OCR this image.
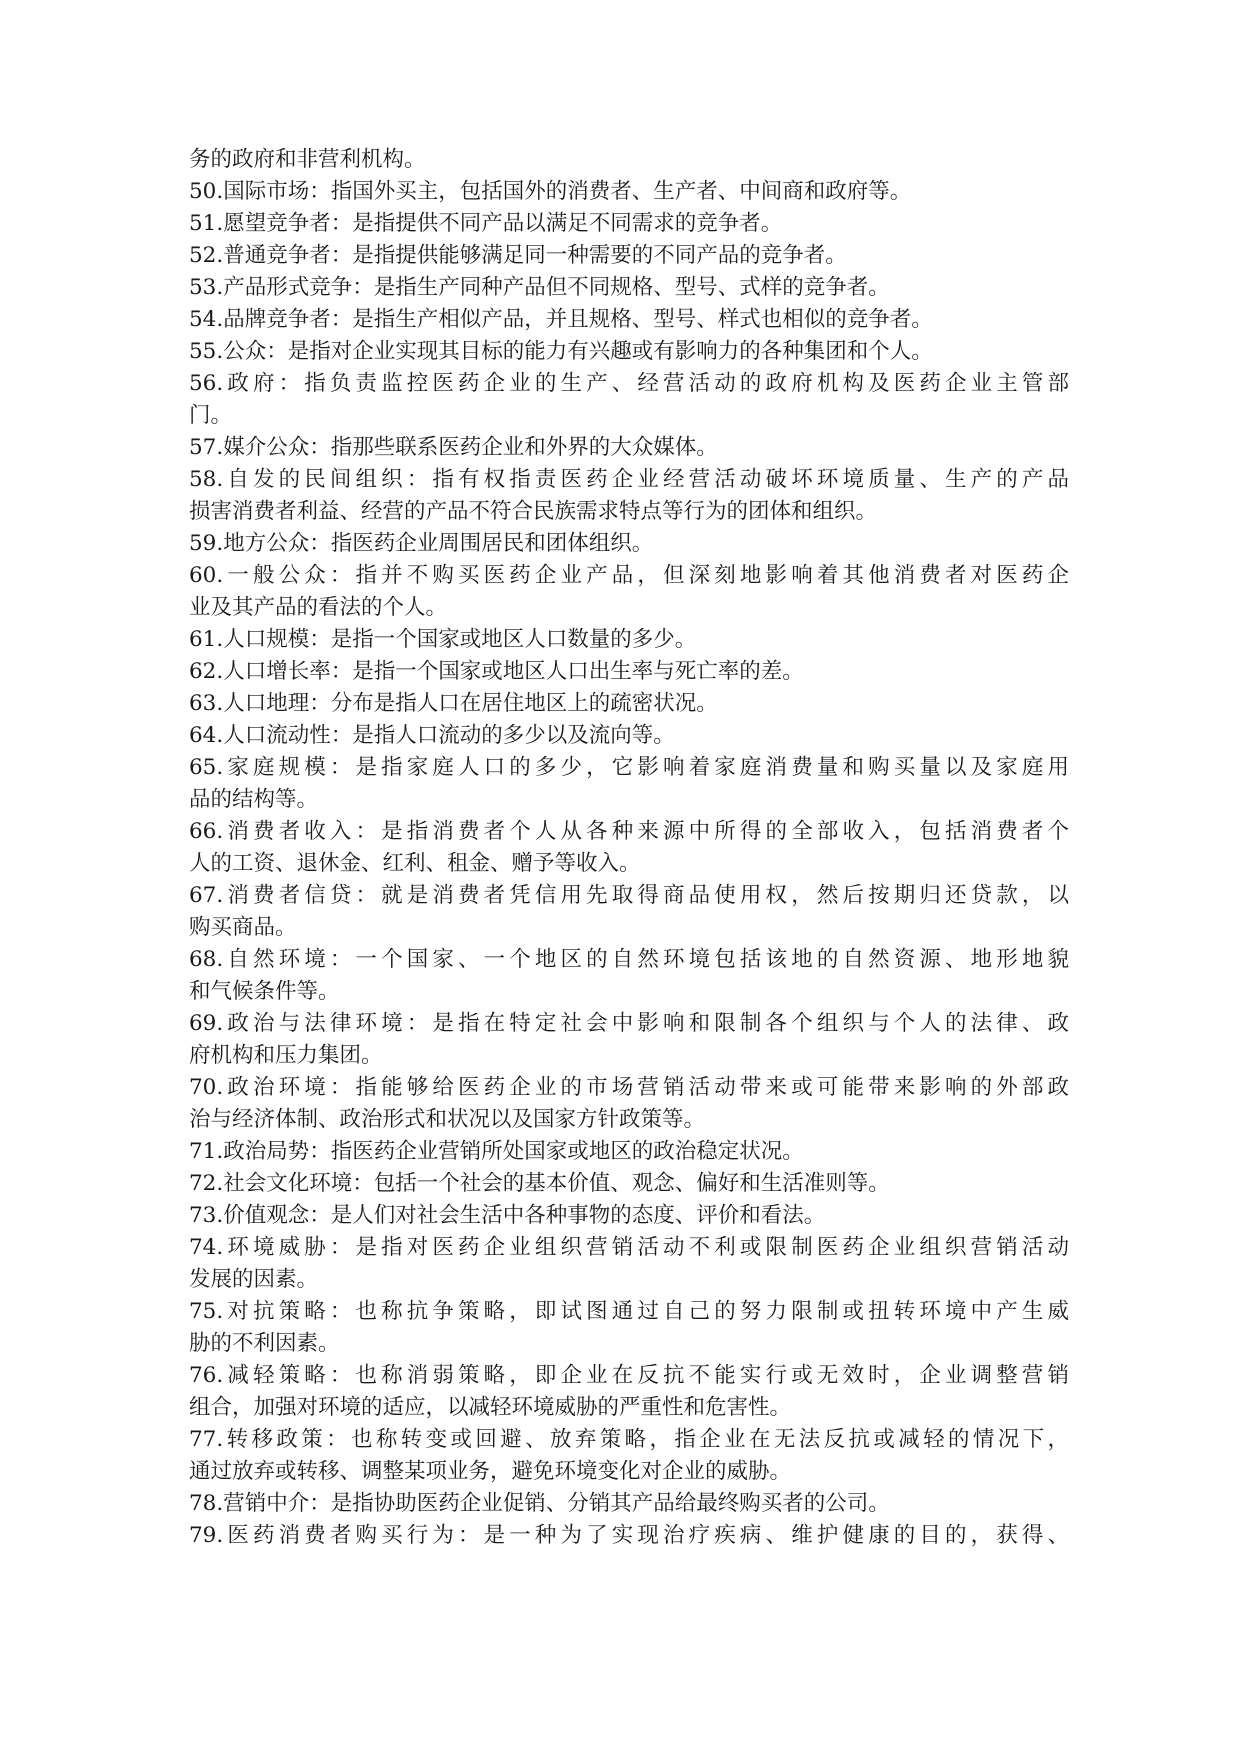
务的政府和非营利机构。
50.国际市场：指国外买主，包括国外的消费者、生产者、中间商和政府等。
51.愿望竞争者：是指提供不同产品以满足不同需求的竞争者。
52.普通竞争者：是指提供能够满足同一种需要的不同产品的竞争者。
53.产品形式竞争：是指生产同种产品但不同规格、型号、式样的竞争者。
54.品牌竞争者：是指生产相似产品，并且规格、型号、样式也相似的竞争者。
55.公众：是指对企业实现其目标的能力有兴趣或有影响力的各种集团和个人。
56.政府：指负责监控医药企业的生产、经营活动的政府机构及医药企业主管部
门。
57.媒介公众：指那些联系医药企业和外界的大众媒体。
58.自发的民间组织：指有权指责医药企业经营活动破坏环境质量、生产的产品
损害消费者利益、经营的产品不符合民族需求特点等行为的团体和组织。
59.地方公众：指医药企业周围居民和团体组织。
60.一般公众：指并不购买医药企业产品，但深刻地影响着其他消费者对医药企
业及其产品的看法的个人。
61.人口规模：是指一个国家或地区人口数量的多少。
62.人口增长率：是指一个国家或地区人口出生率与死亡率的差。
63.人口地理：分布是指人口在居住地区上的疏密状况。
64.人口流动性：是指人口流动的多少以及流向等。
65.家庭规模：是指家庭人口的多少，它影响着家庭消费量和购买量以及家庭用
品的结构等。
66.消费者收入：是指消费者个人从各种来源中所得的全部收入，包括消费者个
人的工资、退休金、红利、租金、赠予等收入。
67.消费者信贷：就是消费者凭信用先取得商品使用权，然后按期归还贷款，以
购买商品。
68.自然环境：一个国家、一个地区的自然环境包括该地的自然资源、地形地貌
和气候条件等。
69.政治与法律环境：是指在特定社会中影响和限制各个组织与个人的法律、政
府机构和压力集团。
70.政治环境：指能够给医药企业的市场营销活动带来或可能带来影响的外部政
治与经济体制、政治形式和状况以及国家方针政策等。
71.政治局势：指医药企业营销所处国家或地区的政治稳定状况。
72.社会文化环境：包括一个社会的基本价值、观念、偏好和生活准则等。
73.价值观念：是人们对社会生活中各种事物的态度、评价和看法。
74.环境威胁：是指对医药企业组织营销活动不利或限制医药企业组织营销活动
发展的因素。
75.对抗策略：也称抗争策略，即试图通过自己的努力限制或扭转环境中产生威
胁的不利因素。
76.减轻策略：也称消弱策略，即企业在反抗不能实行或无效时，企业调整营销
组合，加强对环境的适应，以减轻环境威胁的严重性和危害性。
77.转移政策：也称转变或回避、放弃策略，指企业在无法反抗或减轻的情况下，
通过放弃或转移、调整某项业务，避免环境变化对企业的威胁。
78.营销中介：是指协助医药企业促销、分销其产品给最终购买者的公司。
79.医药消费者购买行为：是一种为了实现治疗疾病、维护健康的目的，获得、
